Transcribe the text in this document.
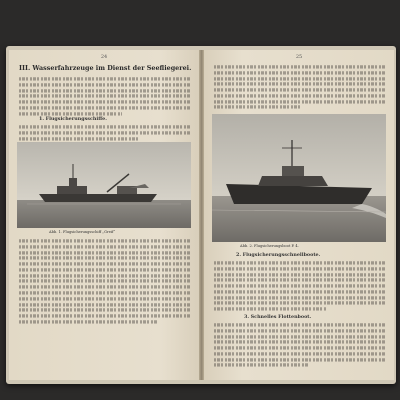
24
III. Wasserfahrzeuge im Dienst der Seefliegerei.
1. Flugsicherungsschiffe.
Abb. 1. Flugsicherungsschiff „Greif“
25
Abb. 2. Flugsicherungsboot P. 4.
2. Flugsicherungsschnellboote.
3. Schnelles Flottenboot.
